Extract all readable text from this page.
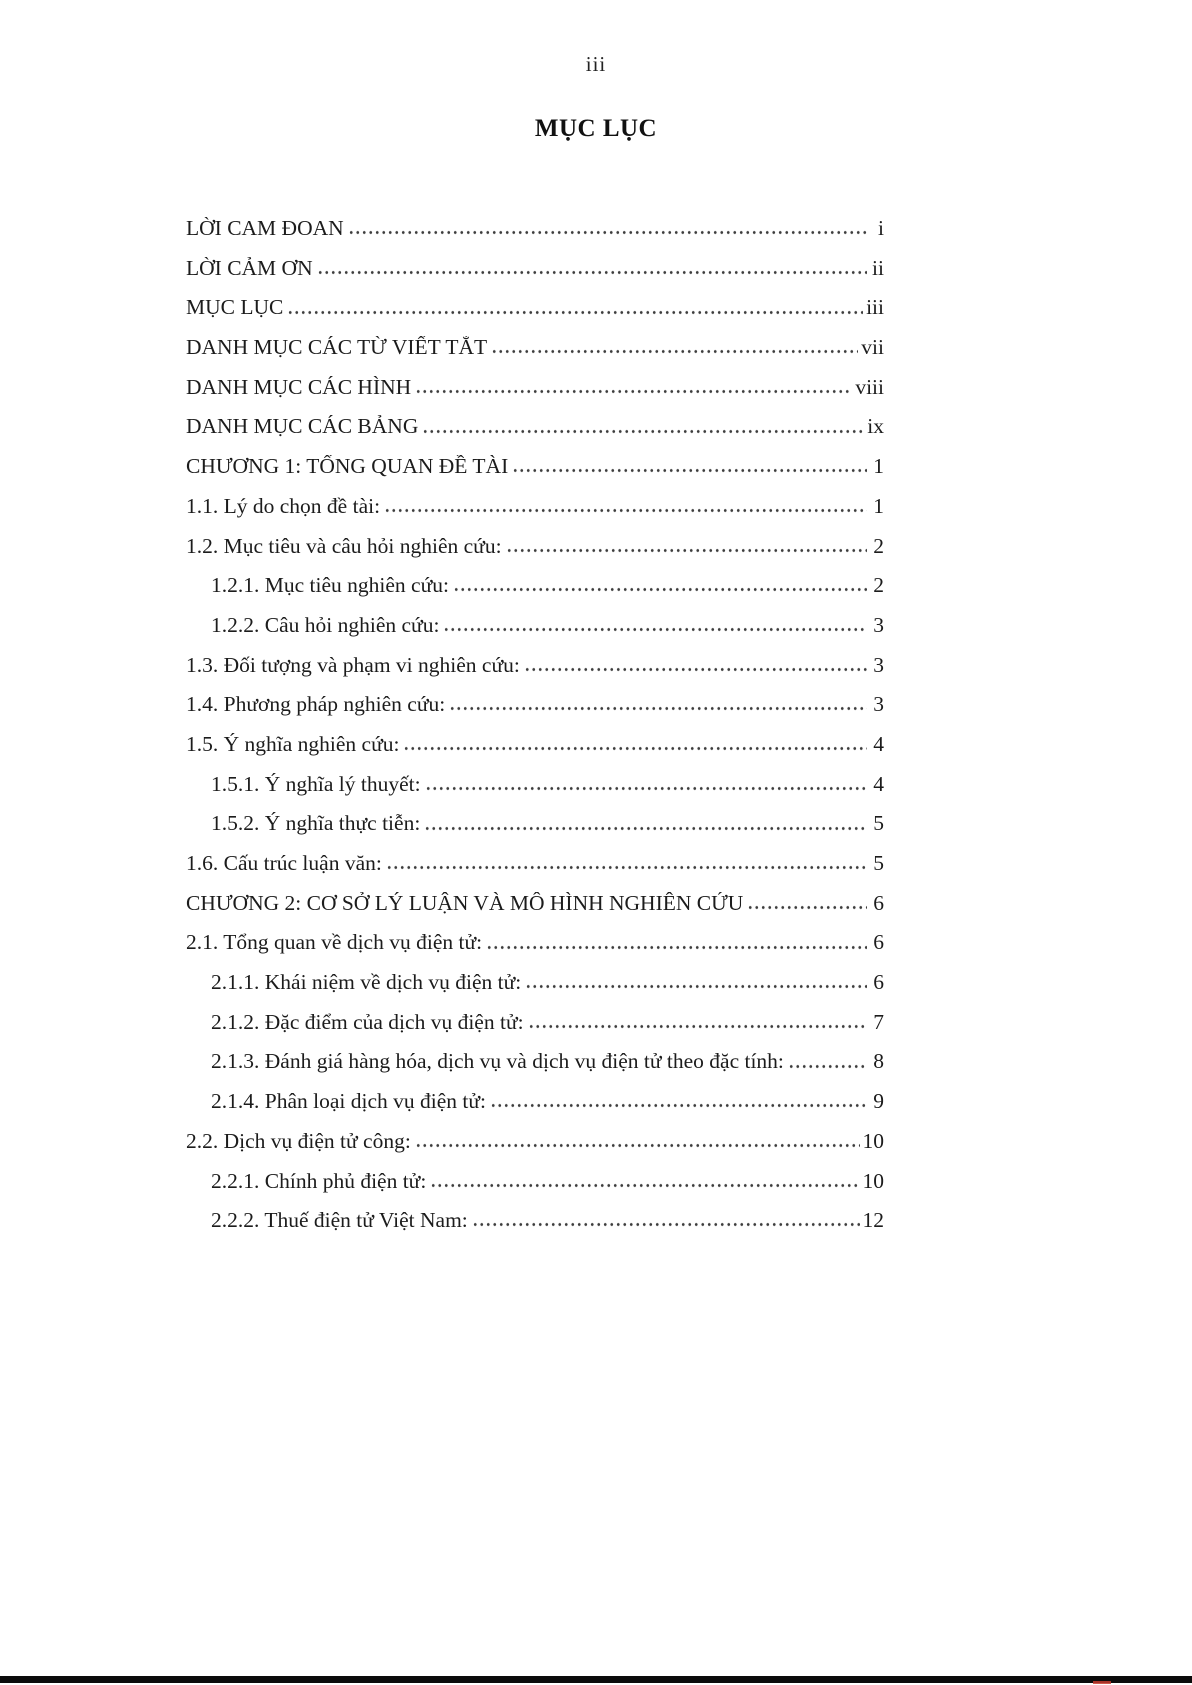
iii
MỤC LỤC
LỜI CAM ĐOAN	i
LỜI CẢM ƠN	ii
MỤC LỤC	iii
DANH MỤC CÁC TỪ VIẾT TẮT	vii
DANH MỤC CÁC HÌNH	viii
DANH MỤC CÁC BẢNG	ix
CHƯƠNG 1: TỔNG QUAN ĐỀ TÀI	1
1.1. Lý do chọn đề tài:	1
1.2. Mục tiêu và câu hỏi nghiên cứu:	2
1.2.1. Mục tiêu nghiên cứu:	2
1.2.2. Câu hỏi nghiên cứu:	3
1.3. Đối tượng và phạm vi nghiên cứu:	3
1.4. Phương pháp nghiên cứu:	3
1.5. Ý nghĩa nghiên cứu:	4
1.5.1. Ý nghĩa lý thuyết:	4
1.5.2. Ý nghĩa thực tiễn:	5
1.6. Cấu trúc luận văn:	5
CHƯƠNG 2: CƠ SỞ LÝ LUẬN VÀ MÔ HÌNH NGHIÊN CỨU	6
2.1. Tổng quan về dịch vụ điện tử:	6
2.1.1. Khái niệm về dịch vụ điện tử:	6
2.1.2. Đặc điểm của dịch vụ điện tử:	7
2.1.3. Đánh giá hàng hóa, dịch vụ và dịch vụ điện tử theo đặc tính:	8
2.1.4. Phân loại dịch vụ điện tử:	9
2.2. Dịch vụ điện tử công:	10
2.2.1. Chính phủ điện tử:	10
2.2.2. Thuế điện tử Việt Nam:	12
